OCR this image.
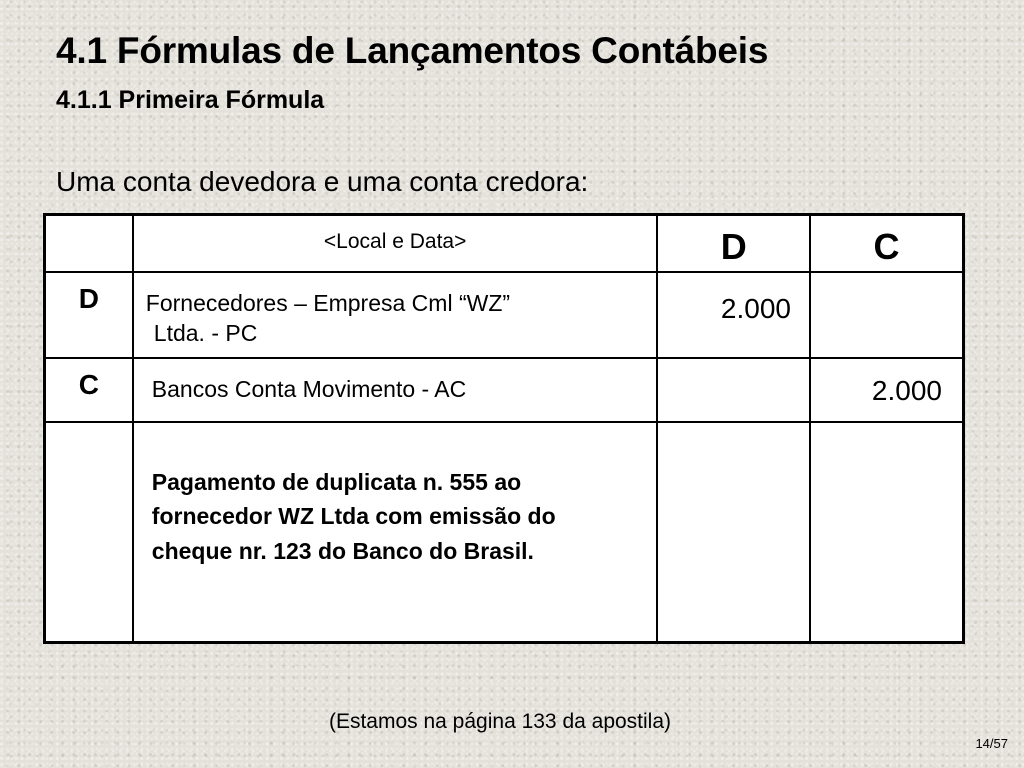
4.1 Fórmulas de Lançamentos Contábeis
4.1.1 Primeira Fórmula
Uma conta devedora e uma conta credora:
	<Local e Data>	D	C
D	Fornecedores – Empresa Cml “WZ”
Ltda. - PC	2.000	
C	Bancos Conta Movimento - AC		2.000
	Pagamento de duplicata n. 555 ao fornecedor WZ Ltda com emissão do cheque nr. 123 do Banco do Brasil.		
(Estamos na página 133 da apostila)
14/57
